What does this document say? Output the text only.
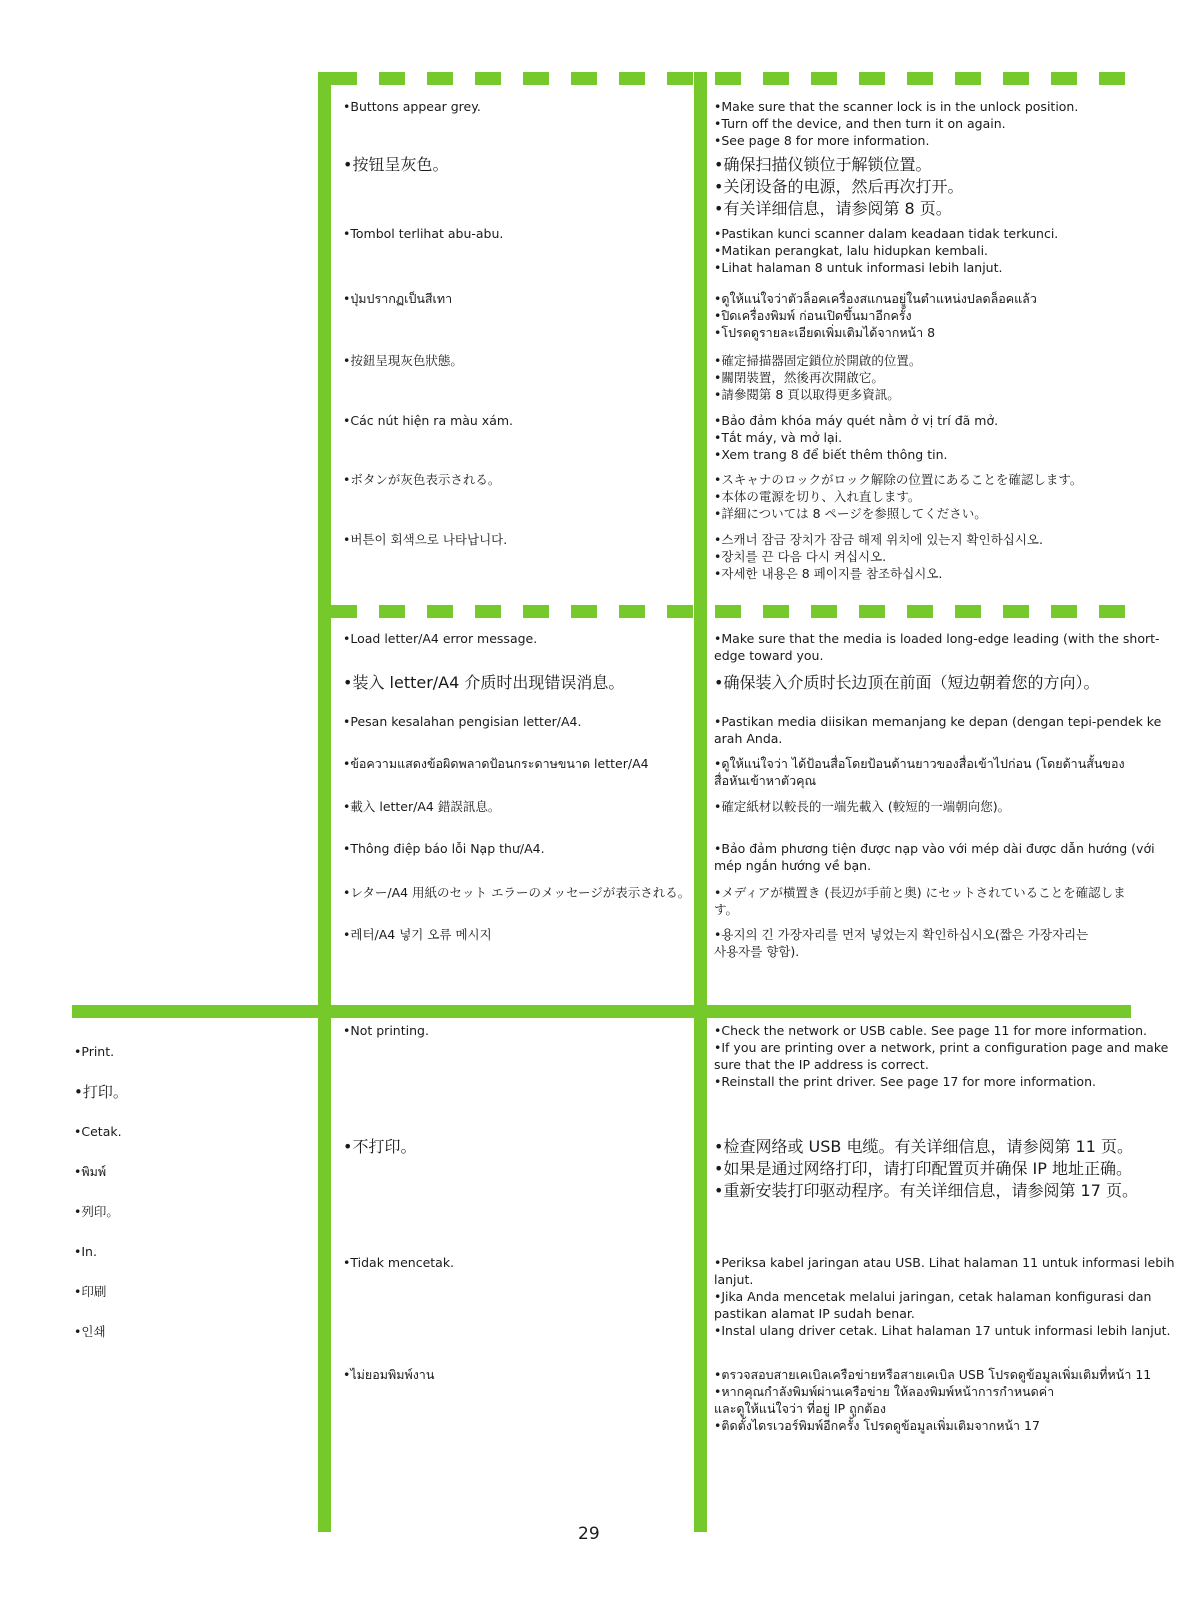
•Buttons appear grey.
•按钮呈灰色。
•Tombol terlihat abu-abu.
•ปุ่มปรากฏเป็นสีเทา
•按鈕呈現灰色狀態。
•Các nút hiện ra màu xám.
•ボタンが灰色表示される。
•버튼이 회색으로 나타납니다.
•Make sure that the scanner lock is in the unlock position.
•Turn off the device, and then turn it on again.
•See page 8 for more information.
•确保扫描仪锁位于解锁位置。
•关闭设备的电源，然后再次打开。
•有关详细信息，请参阅第 8 页。
•Pastikan kunci scanner dalam keadaan tidak terkunci.
•Matikan perangkat, lalu hidupkan kembali.
•Lihat halaman 8 untuk informasi lebih lanjut.
•ดูให้แน่ใจว่าตัวล็อคเครื่องสแกนอยู่ในตำแหน่งปลดล็อคแล้ว
•ปิดเครื่องพิมพ์ ก่อนเปิดขึ้นมาอีกครั้ง
•โปรดดูรายละเอียดเพิ่มเติมได้จากหน้า 8
•確定掃描器固定鎖位於開啟的位置。
•關閉裝置，然後再次開啟它。
•請參閱第 8 頁以取得更多資訊。
•Bảo đảm khóa máy quét nằm ở vị trí đã mở.
•Tắt máy, và mở lại.
•Xem trang 8 để biết thêm thông tin.
•スキャナのロックがロック解除の位置にあることを確認します。
•本体の電源を切り、入れ直します。
•詳細については 8 ページを参照してください。
•스캐너 잠금 장치가 잠금 해제 위치에 있는지 확인하십시오.
•장치를 끈 다음 다시 켜십시오.
•자세한 내용은 8 페이지를 참조하십시오.
•Load letter/A4 error message.
•装入 letter/A4 介质时出现错误消息。
•Pesan kesalahan pengisian letter/A4.
•ข้อความแสดงข้อผิดพลาดป้อนกระดาษขนาด letter/A4
•載入 letter/A4 錯誤訊息。
•Thông điệp báo lỗi Nạp thư/A4.
•レター/A4 用紙のセット エラーのメッセージが表示される。
•레터/A4 넣기 오류 메시지
•Make sure that the media is loaded long-edge leading (with the short-
edge toward you.
•确保装入介质时长边顶在前面（短边朝着您的方向）。
•Pastikan media diisikan memanjang ke depan (dengan tepi-pendek ke
arah Anda.
•ดูให้แน่ใจว่า ได้ป้อนสื่อโดยป้อนด้านยาวของสื่อเข้าไปก่อน (โดยด้านสั้นของ
สื่อหันเข้าหาตัวคุณ
•確定紙材以較長的一端先載入 (較短的一端朝向您)。
•Bảo đảm phương tiện được nạp vào với mép dài được dẫn hướng (với
mép ngắn hướng về bạn.
•メディアが横置き (長辺が手前と奥) にセットされていることを確認しま
す。
•용지의 긴 가장자리를 먼저 넣었는지 확인하십시오(짧은 가장자리는
사용자를 향함).

•Print.

•打印。

•Cetak.

•พิมพ์

•列印。

•In.

•印刷

•인쇄

•Not printing.
•不打印。
•Tidak mencetak.
•ไม่ยอมพิมพ์งาน
•Check the network or USB cable. See page 11 for more information.
•If you are printing over a network, print a configuration page and make
sure that the IP address is correct.
•Reinstall the print driver. See page 17 for more information.
•检查网络或 USB 电缆。有关详细信息，请参阅第 11 页。
•如果是通过网络打印，请打印配置页并确保 IP 地址正确。
•重新安装打印驱动程序。有关详细信息，请参阅第 17 页。
•Periksa kabel jaringan atau USB. Lihat halaman 11 untuk informasi lebih
lanjut.
•Jika Anda mencetak melalui jaringan, cetak halaman konfigurasi dan
pastikan alamat IP sudah benar.
•Instal ulang driver cetak. Lihat halaman 17 untuk informasi lebih lanjut.
•ตรวจสอบสายเคเบิลเครือข่ายหรือสายเคเบิล USB โปรดดูข้อมูลเพิ่มเติมที่หน้า 11
•หากคุณกำลังพิมพ์ผ่านเครือข่าย ให้ลองพิมพ์หน้าการกำหนดค่า
และดูให้แน่ใจว่า ที่อยู่ IP ถูกต้อง
•ติดตั้งไดรเวอร์พิมพ์อีกครั้ง โปรดดูข้อมูลเพิ่มเติมจากหน้า 17
29
